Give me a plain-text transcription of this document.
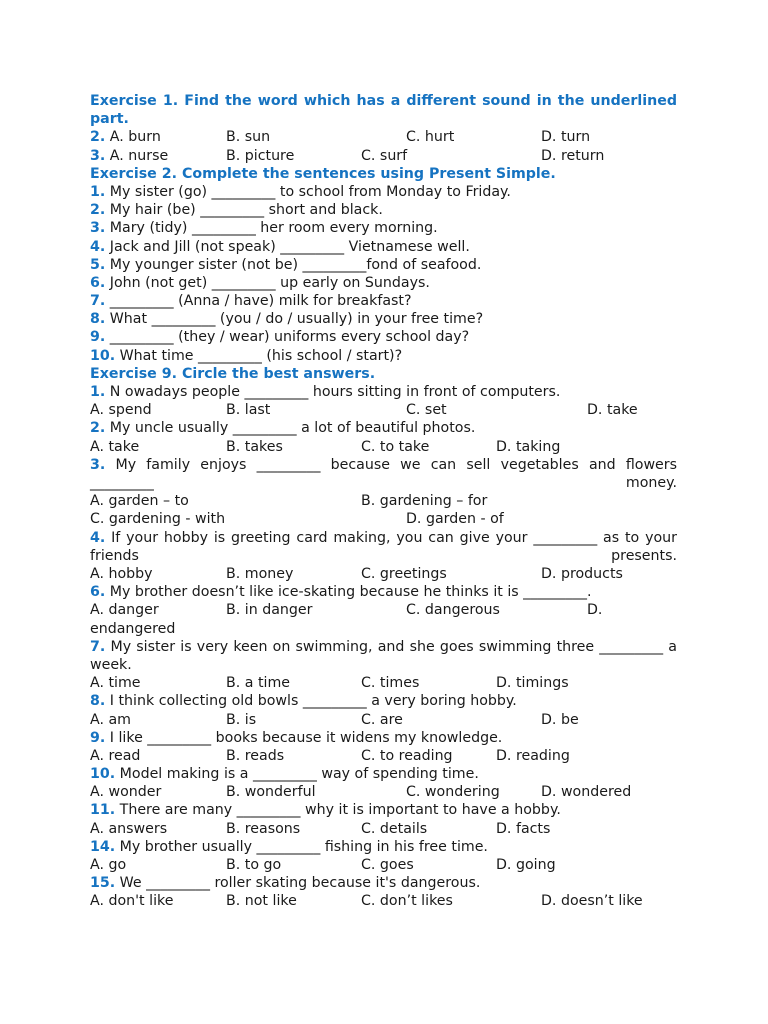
Exercise 1. Find the word which has a different sound in the underlined part.
2. A. burn	B. sun	C. hurt	D. turn
3. A. nurse	B. picture	C. surf	D. return
Exercise 2. Complete the sentences using Present Simple.
1. My sister (go) _________ to school from Monday to Friday.
2. My hair (be) _________ short and black.
3. Mary (tidy) _________ her room every morning.
4. Jack and Jill (not speak) _________ Vietnamese well.
5. My younger sister (not be) _________fond of seafood.
6. John (not get) _________ up early on Sundays.
7. _________ (Anna / have) milk for breakfast?
8. What _________ (you / do / usually) in your free time?
9. _________ (they / wear) uniforms every school day?
10. What time _________ (his school / start)?
Exercise 9. Circle the best answers.
1. N owadays people _________ hours sitting in front of computers.
A. spend	B. last	C. set	D. take
2. My uncle usually _________ a lot of beautiful photos.
A. take	B. takes	C. to take	D. taking
3. My family enjoys _________ because we can sell vegetables and flowers _________ money.
A. garden – to	B. gardening – for
C. gardening - with	D. garden - of
4. If your hobby is greeting card making, you can give your _________ as to your friends presents.
A. hobby	B. money	C. greetings	D. products
6. My brother doesn’t like ice-skating because he thinks it is _________.
A. danger	B. in danger	C. dangerous	D.
endangered
7. My sister is very keen on swimming, and she goes swimming three _________ a week.
A. time	B. a time	C. times	D. timings
8. I think collecting old bowls _________ a very boring hobby.
A. am	B. is	C. are	D. be
9. I like _________ books because it widens my knowledge.
A. read	B. reads	C. to reading	D. reading
10. Model making is a _________ way of spending time.
A. wonder	B. wonderful	C. wondering	D. wondered
11. There are many _________ why it is important to have a hobby.
A. answers	B. reasons	C. details	D. facts
14. My brother usually _________ fishing in his free time.
A. go	B. to go	C. goes	D. going
15. We _________ roller skating because it's dangerous.
A. don't like	B. not like	C. don’t likes	D. doesn’t like
